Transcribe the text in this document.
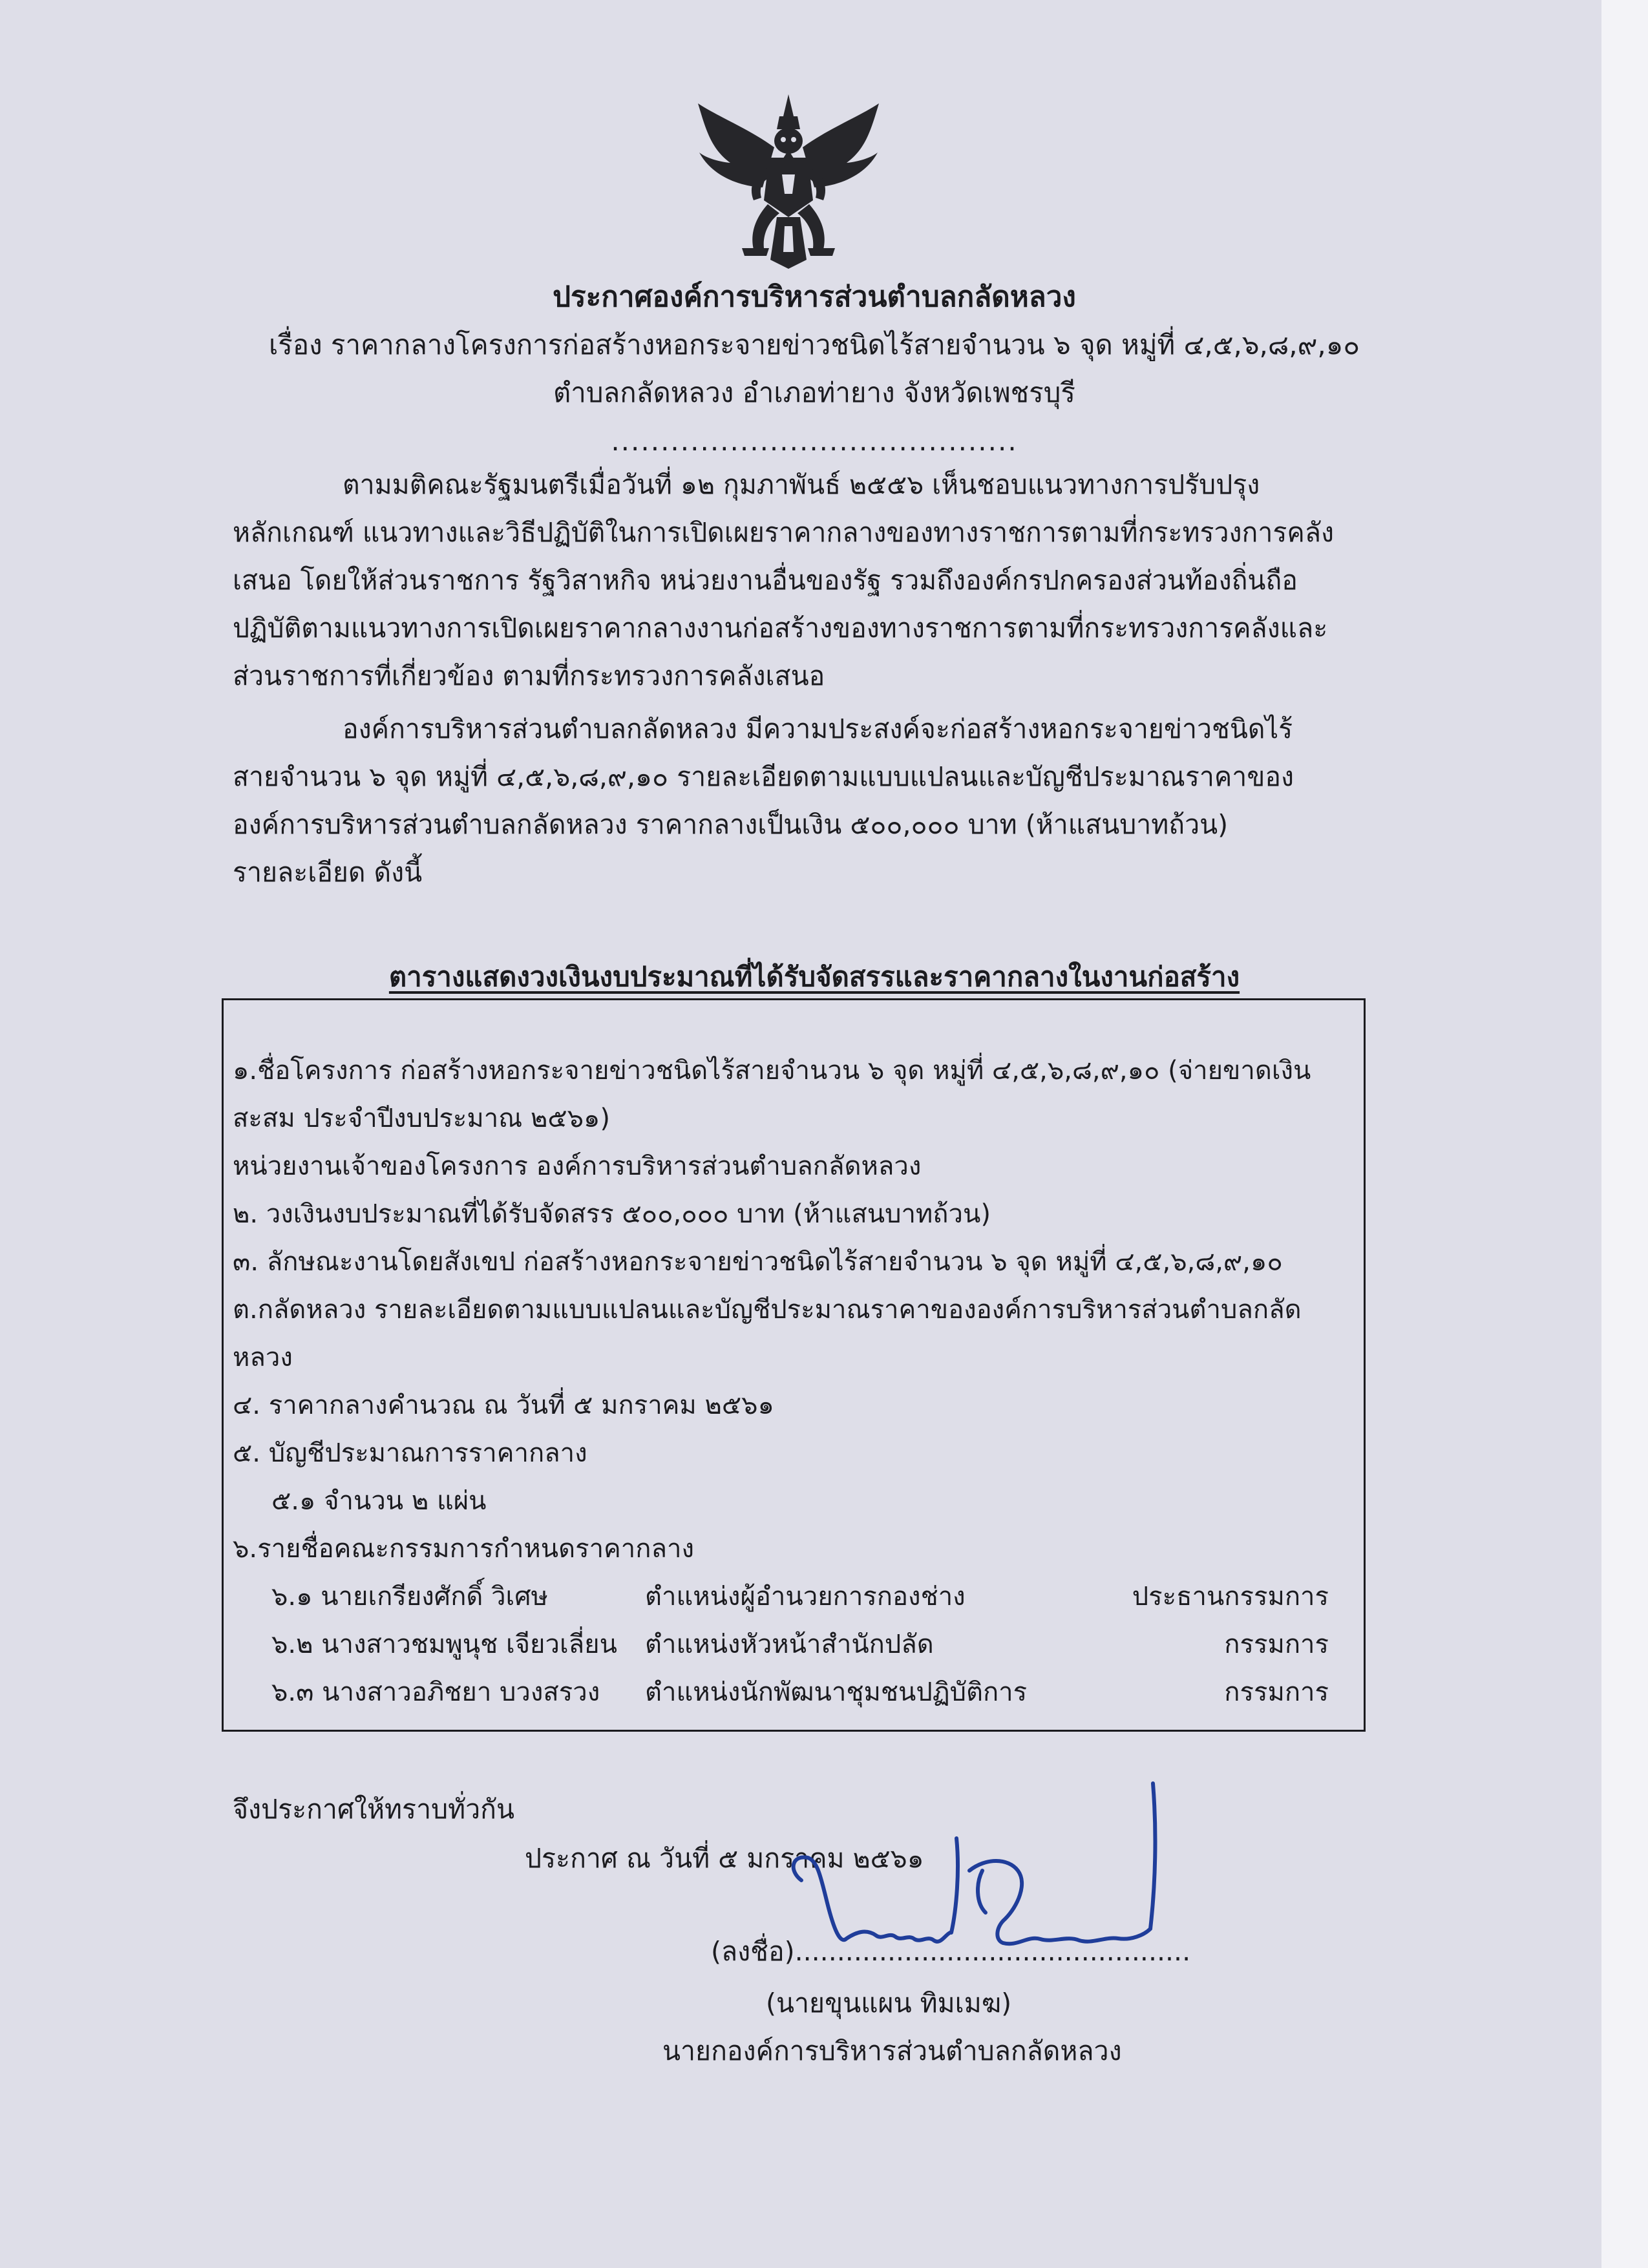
ประกาศองค์การบริหารส่วนตำบลกลัดหลวง
เรื่อง ราคากลางโครงการก่อสร้างหอกระจายข่าวชนิดไร้สายจำนวน ๖ จุด หมู่ที่ ๔,๕,๖,๘,๙,๑๐
ตำบลกลัดหลวง อำเภอท่ายาง จังหวัดเพชรบุรี
.........................................
ตามมติคณะรัฐมนตรีเมื่อวันที่ ๑๒ กุมภาพันธ์ ๒๕๕๖ เห็นชอบแนวทางการปรับปรุง
หลักเกณฑ์ แนวทางและวิธีปฏิบัติในการเปิดเผยราคากลางของทางราชการตามที่กระทรวงการคลัง
เสนอ โดยให้ส่วนราชการ รัฐวิสาหกิจ หน่วยงานอื่นของรัฐ รวมถึงองค์กรปกครองส่วนท้องถิ่นถือ
ปฏิบัติตามแนวทางการเปิดเผยราคากลางงานก่อสร้างของทางราชการตามที่กระทรวงการคลังและ
ส่วนราชการที่เกี่ยวข้อง ตามที่กระทรวงการคลังเสนอ
องค์การบริหารส่วนตำบลกลัดหลวง มีความประสงค์จะก่อสร้างหอกระจายข่าวชนิดไร้
สายจำนวน ๖ จุด หมู่ที่ ๔,๕,๖,๘,๙,๑๐ รายละเอียดตามแบบแปลนและบัญชีประมาณราคาของ
องค์การบริหารส่วนตำบลกลัดหลวง ราคากลางเป็นเงิน ๕๐๐,๐๐๐ บาท (ห้าแสนบาทถ้วน)
รายละเอียด ดังนี้
ตารางแสดงวงเงินงบประมาณที่ได้รับจัดสรรและราคากลางในงานก่อสร้าง
๑.ชื่อโครงการ ก่อสร้างหอกระจายข่าวชนิดไร้สายจำนวน ๖ จุด หมู่ที่ ๔,๕,๖,๘,๙,๑๐ (จ่ายขาดเงิน
สะสม ประจำปีงบประมาณ ๒๕๖๑)
หน่วยงานเจ้าของโครงการ องค์การบริหารส่วนตำบลกลัดหลวง
๒. วงเงินงบประมาณที่ได้รับจัดสรร ๕๐๐,๐๐๐ บาท (ห้าแสนบาทถ้วน)
๓. ลักษณะงานโดยสังเขป ก่อสร้างหอกระจายข่าวชนิดไร้สายจำนวน ๖ จุด หมู่ที่ ๔,๕,๖,๘,๙,๑๐
ต.กลัดหลวง รายละเอียดตามแบบแปลนและบัญชีประมาณราคาขององค์การบริหารส่วนตำบลกลัด
หลวง
๔. ราคากลางคำนวณ ณ วันที่ ๕ มกราคม ๒๕๖๑
๕. บัญชีประมาณการราคากลาง
๕.๑ จำนวน ๒ แผ่น
๖.รายชื่อคณะกรรมการกำหนดราคากลาง
๖.๑ นายเกรียงศักดิ์ วิเศษ	ตำแหน่งผู้อำนวยการกองช่าง	ประธานกรรมการ
๖.๒ นางสาวชมพูนุช เจียวเลี่ยน ตำแหน่งหัวหน้าสำนักปลัด	กรรมการ
๖.๓ นางสาวอภิชยา บวงสรวง ตำแหน่งนักพัฒนาชุมชนปฏิบัติการ	กรรมการ
จึงประกาศให้ทราบทั่วกัน
ประกาศ ณ วันที่ ๕ มกราคม ๒๕๖๑
(ลงชื่อ)...............................................
(นายขุนแผน ทิมเมฆ)
นายกองค์การบริหารส่วนตำบลกลัดหลวง
